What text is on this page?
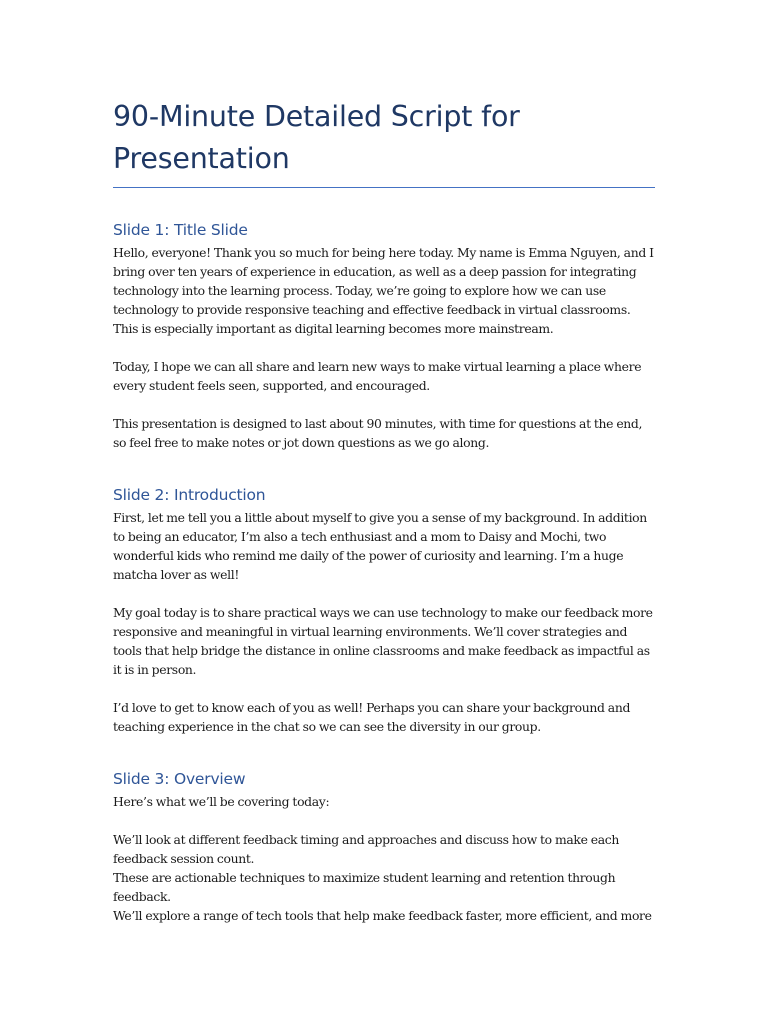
90-Minute Detailed Script for Presentation
Slide 1: Title Slide

Hello, everyone! Thank you so much for being here today. My name is Emma Nguyen, and I bring over ten years of experience in education, as well as a deep passion for integrating technology into the learning process. Today, we’re going to explore how we can use technology to provide responsive teaching and effective feedback in virtual classrooms. This is especially important as digital learning becomes more mainstream.

Today, I hope we can all share and learn new ways to make virtual learning a place where every student feels seen, supported, and encouraged.

This presentation is designed to last about 90 minutes, with time for questions at the end, so feel free to make notes or jot down questions as we go along.

Slide 2: Introduction

First, let me tell you a little about myself to give you a sense of my background. In addition to being an educator, I’m also a tech enthusiast and a mom to Daisy and Mochi, two wonderful kids who remind me daily of the power of curiosity and learning. I’m a huge matcha lover as well!

My goal today is to share practical ways we can use technology to make our feedback more responsive and meaningful in virtual learning environments. We’ll cover strategies and tools that help bridge the distance in online classrooms and make feedback as impactful as it is in person.

I’d love to get to know each of you as well! Perhaps you can share your background and teaching experience in the chat so we can see the diversity in our group.

Slide 3: Overview

Here’s what we’ll be covering today:

We’ll look at different feedback timing and approaches and discuss how to make each feedback session count.

These are actionable techniques to maximize student learning and retention through feedback.

We’ll explore a range of tech tools that help make feedback faster, more efficient, and more
